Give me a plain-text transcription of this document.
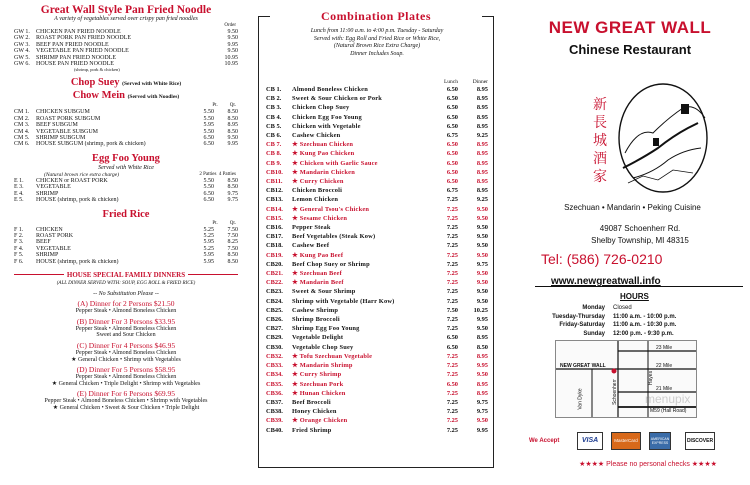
Great Wall Style Pan Fried Noodle
A variety of vegetables served over crispy pan fried noodles
Order
GW 1.	CHICKEN PAN FRIED NOODLE	9.50
GW 2.	ROAST PORK PAN FRIED NOODLE	9.50
GW 3.	BEEF PAN FRIED NOODLE	9.95
GW 4.	VEGETABLE PAN FRIED NOODLE	9.50
GW 5.	SHRIMP PAN FRIED NOODLE	10.95
GW 6.	HOUSE PAN FRIED NOODLE	10.95
(shrimp, pork & chicken)
Chop Suey (Served with White Rice)
Chow Mein (Served with Noodles)
Pt. Qt.
CM 1.	CHICKEN SUBGUM	5.50	8.50
CM 2.	ROAST PORK SUBGUM	5.50	8.50
CM 3.	BEEF SUBGUM	5.95	8.95
CM 4.	VEGETABLE SUBGUM	5.50	8.50
CM 5.	SHRIMP SUBGUM	6.50	9.50
CM 6.	HOUSE SUBGUM (shrimp, pork & chicken)	6.50	9.95
Egg Foo Young
Served with White Rice
(Natural brown rice extra charge)	2 Patties 4 Patties
E 1.	CHICKEN or ROAST PORK	5.50	8.50
E 3.	VEGETABLE	5.50	8.50
E 4.	SHRIMP	6.50	9.75
E 5.	HOUSE (shrimp, pork & chicken)	6.50	9.75
Fried Rice
Pt. Qt.
F 1.	CHICKEN	5.25	7.50
F 2.	ROAST PORK	5.25	7.50
F 3.	BEEF	5.95	8.25
F 4.	VEGETABLE	5.25	7.50
F 5.	SHRIMP	5.95	8.50
F 6.	HOUSE (shrimp, pork & chicken)	5.95	8.50
HOUSE SPECIAL FAMILY DINNERS
(ALL DINNER SERVED WITH: SOUP, EGG ROLL & FRIED RICE)
-- No Substitution Please --
(A) Dinner for 2 Persons $21.50
Pepper Steak • Almond Boneless Chicken
(B) Dinner For 3 Persons $33.95
Pepper Steak • Almond Boneless Chicken
Sweet and Sour Chicken
(C) Dinner For 4 Persons $46.95
Pepper Steak • Almond Boneless Chicken
★ General Chicken • Shrimp with Vegetables
(D) Dinner For 5 Persons $58.95
Pepper Steak • Almond Boneless Chicken
★ General Chicken • Triple Delight • Shrimp with Vegetables
(E) Dinner For 6 Persons $69.95
Pepper Steak • Almond Boneless Chicken • Shrimp with Vegetables
★ General Chicken • Sweet & Sour Chicken • Triple Delight
Combination Plates
Lunch from 11:00 a.m. to 4:00 p.m. Tuesday - Saturday
Served with: Egg Roll and Fried Rice or White Rice,
(Natural Brown Rice Extra Charge)
Dinner Includes Soup.
Lunch	Dinner
CB 1.	Almond Boneless Chicken	6.50	8.95
CB 2.	Sweet & Sour Chicken or Pork	6.50	8.95
CB 3.	Chicken Chop Suey	6.50	8.95
CB 4.	Chicken Egg Foo Young	6.50	8.95
CB 5.	Chicken with Vegetable	6.50	8.95
CB 6.	Cashew Chicken	6.75	9.25
CB 7.	★ Szechuan Chicken	6.50	8.95
CB 8.	★ Kung Pao Chicken	6.50	8.95
CB 9.	★ Chicken with Garlic Sauce	6.50	8.95
CB10.	★ Mandarin Chicken	6.50	8.95
CB11.	★ Curry Chicken	6.50	8.95
CB12.	Chicken Broccoli	6.75	8.95
CB13.	Lemon Chicken	7.25	9.25
CB14.	★ General Tsou's Chicken	7.25	9.50
CB15.	★ Sesame Chicken	7.25	9.50
CB16.	Pepper Steak	7.25	9.50
CB17.	Beef Vegetables (Steak Kow)	7.25	9.50
CB18.	Cashew Beef	7.25	9.50
CB19.	★ Kung Pao Beef	7.25	9.50
CB20.	Beef Chop Suey or Shrimp	7.25	9.75
CB21.	★ Szechuan Beef	7.25	9.50
CB22.	★ Mandarin Beef	7.25	9.50
CB23.	Sweet & Sour Shrimp	7.25	9.50
CB24.	Shrimp with Vegetable (Harr Kow)	7.25	9.50
CB25.	Cashew Shrimp	7.50	10.25
CB26.	Shrimp Broccoli	7.25	9.95
CB27.	Shrimp Egg Foo Young	7.25	9.50
CB29.	Vegetable Delight	6.50	8.95
CB30.	Vegetable Chop Suey	6.50	8.50
CB32.	★ Tofu Szechuan Vegetable	7.25	8.95
CB33.	★ Mandarin Shrimp	7.25	9.95
CB34.	★ Curry Shrimp	7.25	9.50
CB35.	★ Szechuan Pork	6.50	8.95
CB36.	★ Hunan Chicken	7.25	8.95
CB37.	Beef Broccoli	7.25	9.75
CB38.	Honey Chicken	7.25	9.75
CB39.	★ Orange Chicken	7.25	9.50
CB40.	Fried Shrimp	7.25	9.95
NEW GREAT WALL
Chinese Restaurant
新長城酒家
Szechuan • Mandarin • Peking Cuisine
49087 Schoenherr Rd.
Shelby Township, MI 48315
Tel: (586) 726-0210
www.newgreatwall.info
HOURS
Monday	Closed
Tuesday-Thursday	11:00 a.m. - 10:00 p.m.
Friday-Saturday	11:00 a.m. - 10:30 p.m.
Sunday	12:00 p.m. - 9:30 p.m.
NEW GREAT WALL
23 Mile
22 Mile
21 Mile
M59 (Hall Road)
Van Dyke	Schoenherr
Hayes
menupix
We Accept	VISA	MasterCard	AMERICAN EXPRESS	DISCOVER
★★★★ Please no personal checks ★★★★
